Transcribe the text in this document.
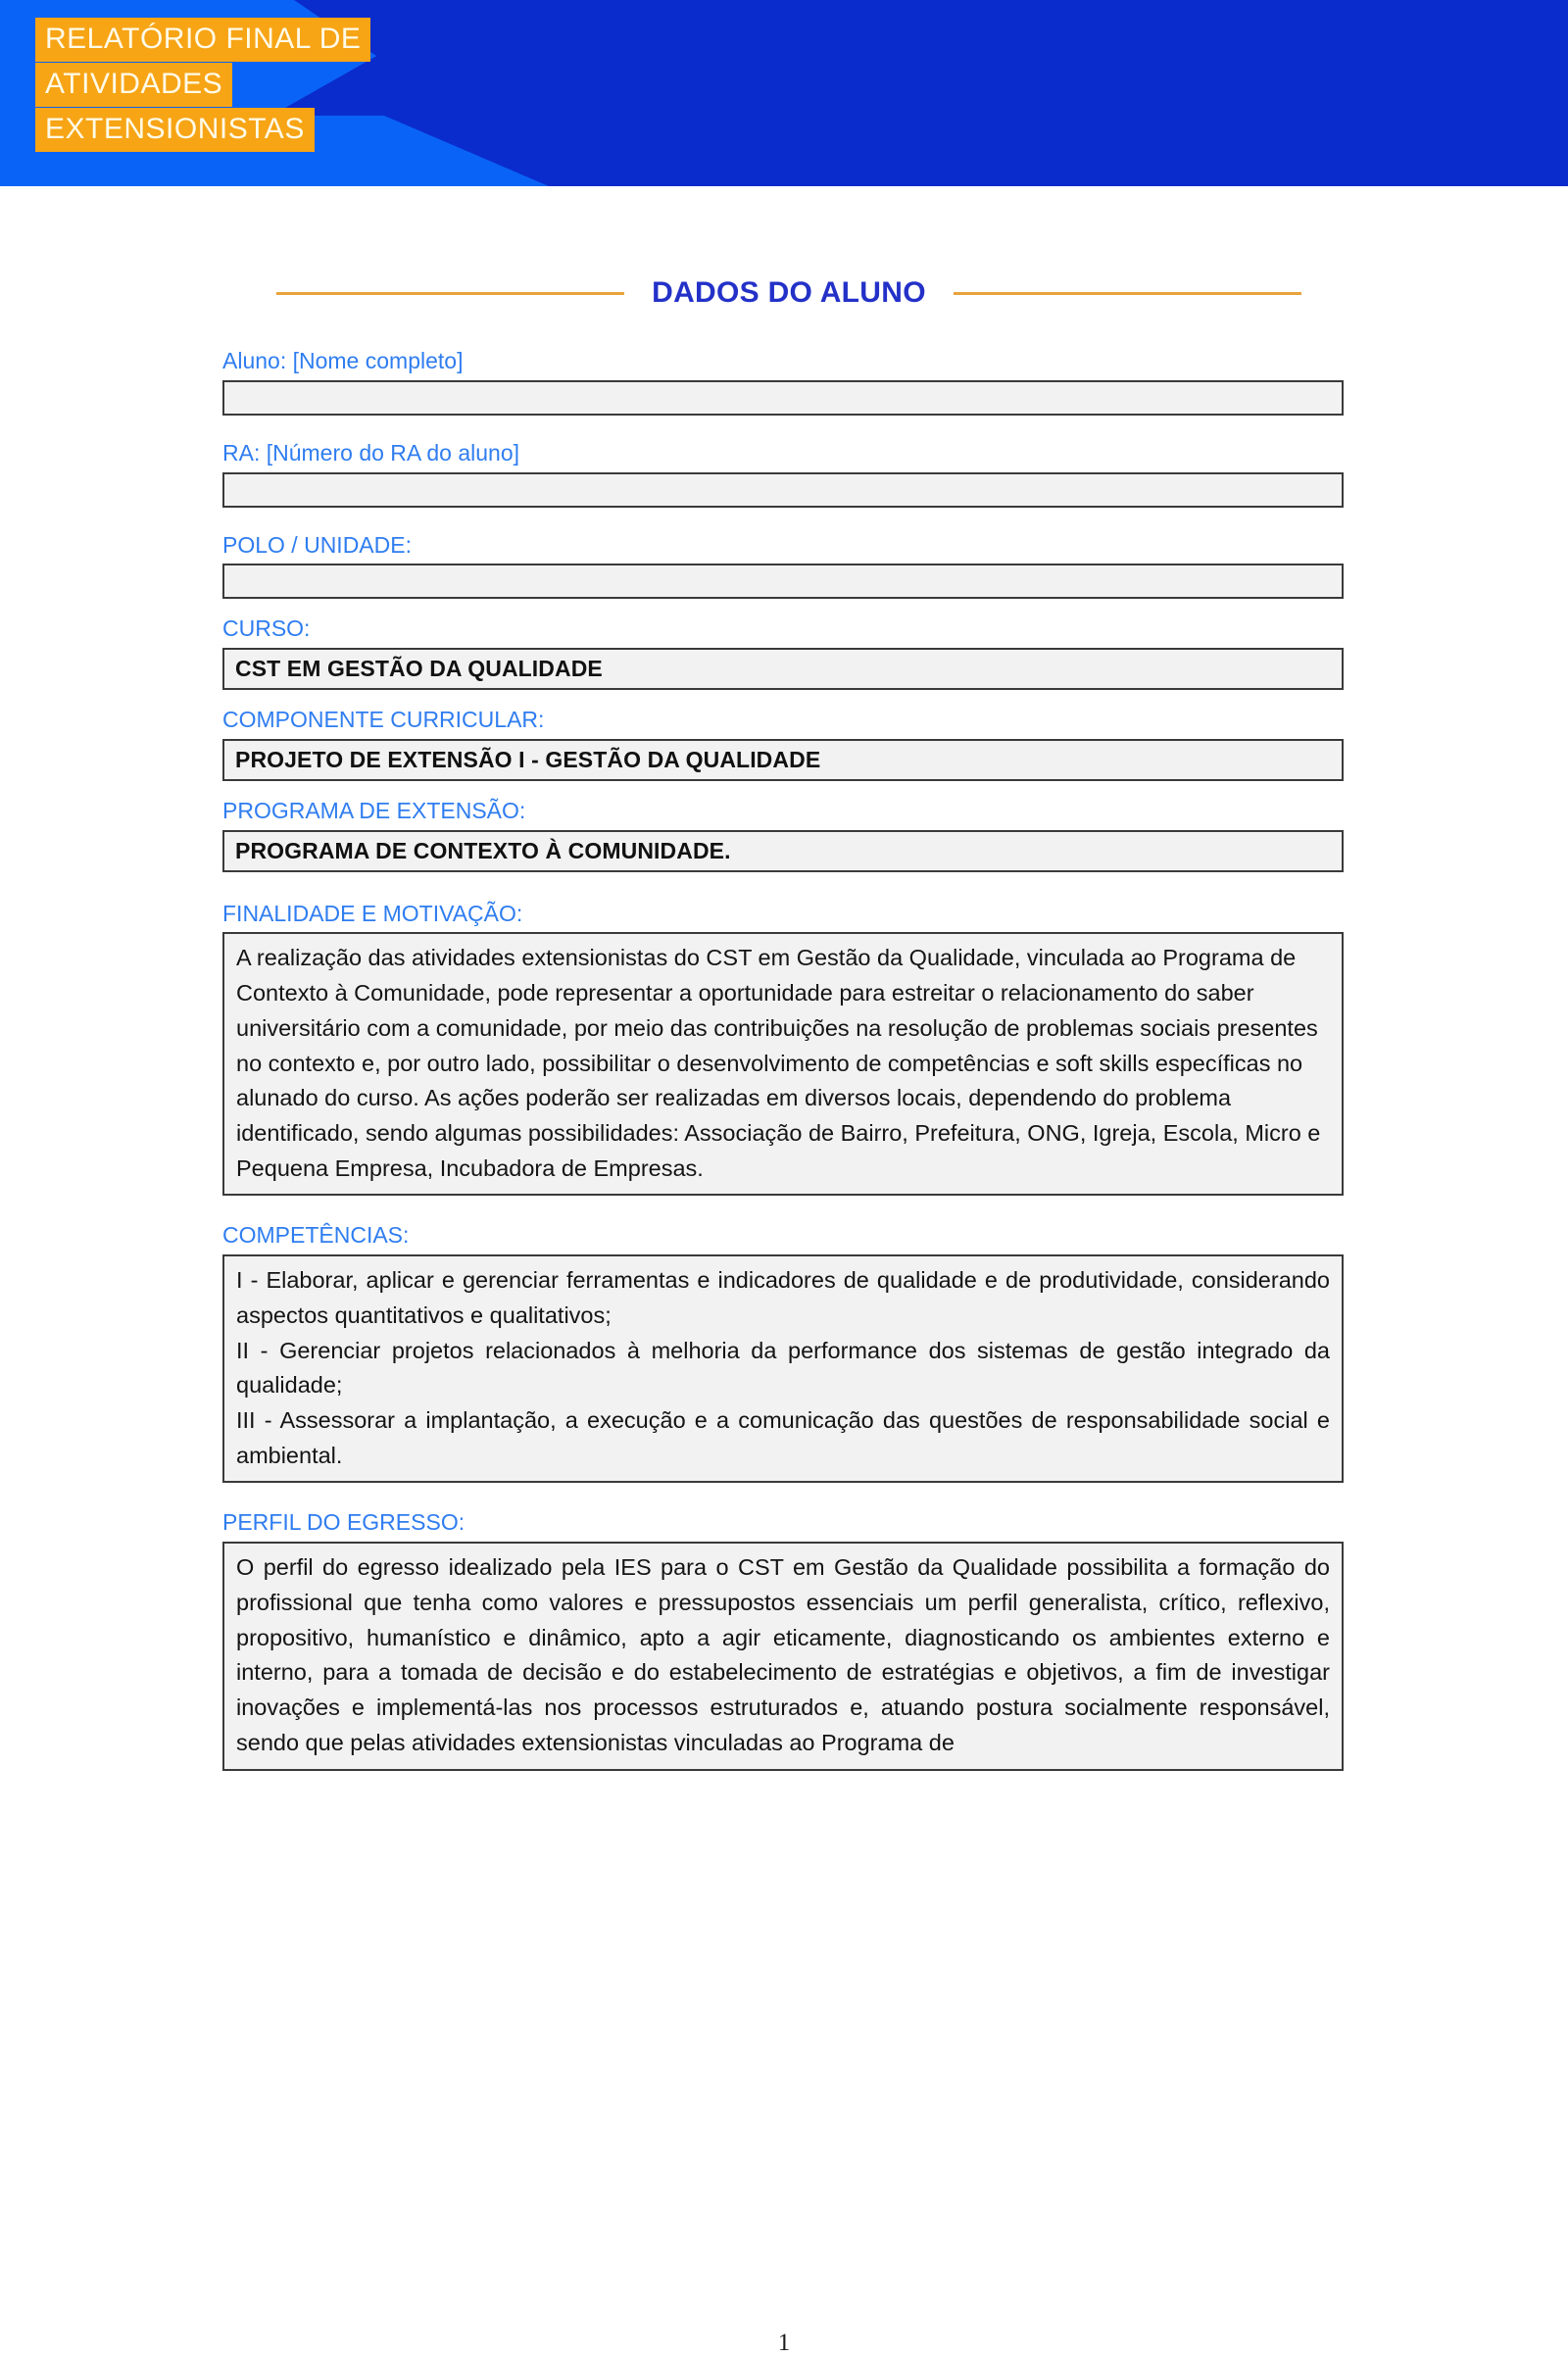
RELATÓRIO FINAL DE
ATIVIDADES
EXTENSIONISTAS
DADOS DO ALUNO
Aluno: [Nome completo]
RA: [Número do RA do aluno]
POLO / UNIDADE:
CURSO:
CST EM GESTÃO DA QUALIDADE
COMPONENTE CURRICULAR:
PROJETO DE EXTENSÃO I - GESTÃO DA QUALIDADE
PROGRAMA DE EXTENSÃO:
PROGRAMA DE CONTEXTO À COMUNIDADE.
FINALIDADE E MOTIVAÇÃO:

A realização das atividades extensionistas do CST em Gestão da Qualidade, vinculada ao Programa de Contexto à Comunidade, pode representar a oportunidade para estreitar o relacionamento do saber universitário com a comunidade, por meio das contribuições na resolução de problemas sociais presentes no contexto e, por outro lado, possibilitar o desenvolvimento de competências e soft skills específicas no alunado do curso. As ações poderão ser realizadas em diversos locais, dependendo do problema identificado, sendo algumas possibilidades: Associação de Bairro, Prefeitura, ONG, Igreja, Escola, Micro e Pequena Empresa, Incubadora de Empresas.

COMPETÊNCIAS:

I - Elaborar, aplicar e gerenciar ferramentas e indicadores de qualidade e de produtividade, considerando aspectos quantitativos e qualitativos;

II - Gerenciar projetos relacionados à melhoria da performance dos sistemas de gestão integrado da qualidade;

III - Assessorar a implantação, a execução e a comunicação das questões de responsabilidade social e ambiental.

PERFIL DO EGRESSO:

O perfil do egresso idealizado pela IES para o CST em Gestão da Qualidade possibilita a formação do profissional que tenha como valores e pressupostos essenciais um perfil generalista, crítico, reflexivo, propositivo, humanístico e dinâmico, apto a agir eticamente, diagnosticando os ambientes externo e interno, para a tomada de decisão e do estabelecimento de estratégias e objetivos, a fim de investigar inovações e implementá-las nos processos estruturados e, atuando postura socialmente responsável, sendo que pelas atividades extensionistas vinculadas ao Programa de

1
